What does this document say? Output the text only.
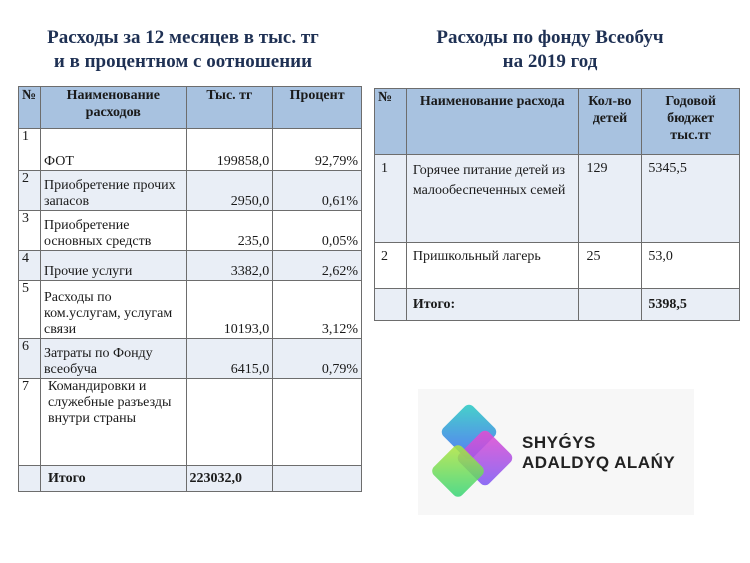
Расходы за 12 месяцев в тыс. тг
и в процентном с оотношении
Расходы по фонду Всеобуч
на 2019 год
№	Наименование расходов	Тыс. тг	Процент
1	ФОТ	199858,0	92,79%
2	Приобретение прочих запасов	2950,0	0,61%
3	Приобретение основных средств	235,0	0,05%
4	Прочие услуги	3382,0	2,62%
5	Расходы по ком.услугам, услугам связи	10193,0	3,12%
6	Затраты по Фонду всеобуча	6415,0	0,79%
7	Командировки и служебные разъезды внутри страны		
	Итого	223032,0	
№	Наименование расхода	Кол-во детей	Годовой бюджет тыс.тг
1	Горячее питание детей из малообеспеченных семей	129	5345,5
2	Пришкольный лагерь	25	53,0
	Итого:		5398,5
SHYǴYS
ADALDYQ ALAŃY
